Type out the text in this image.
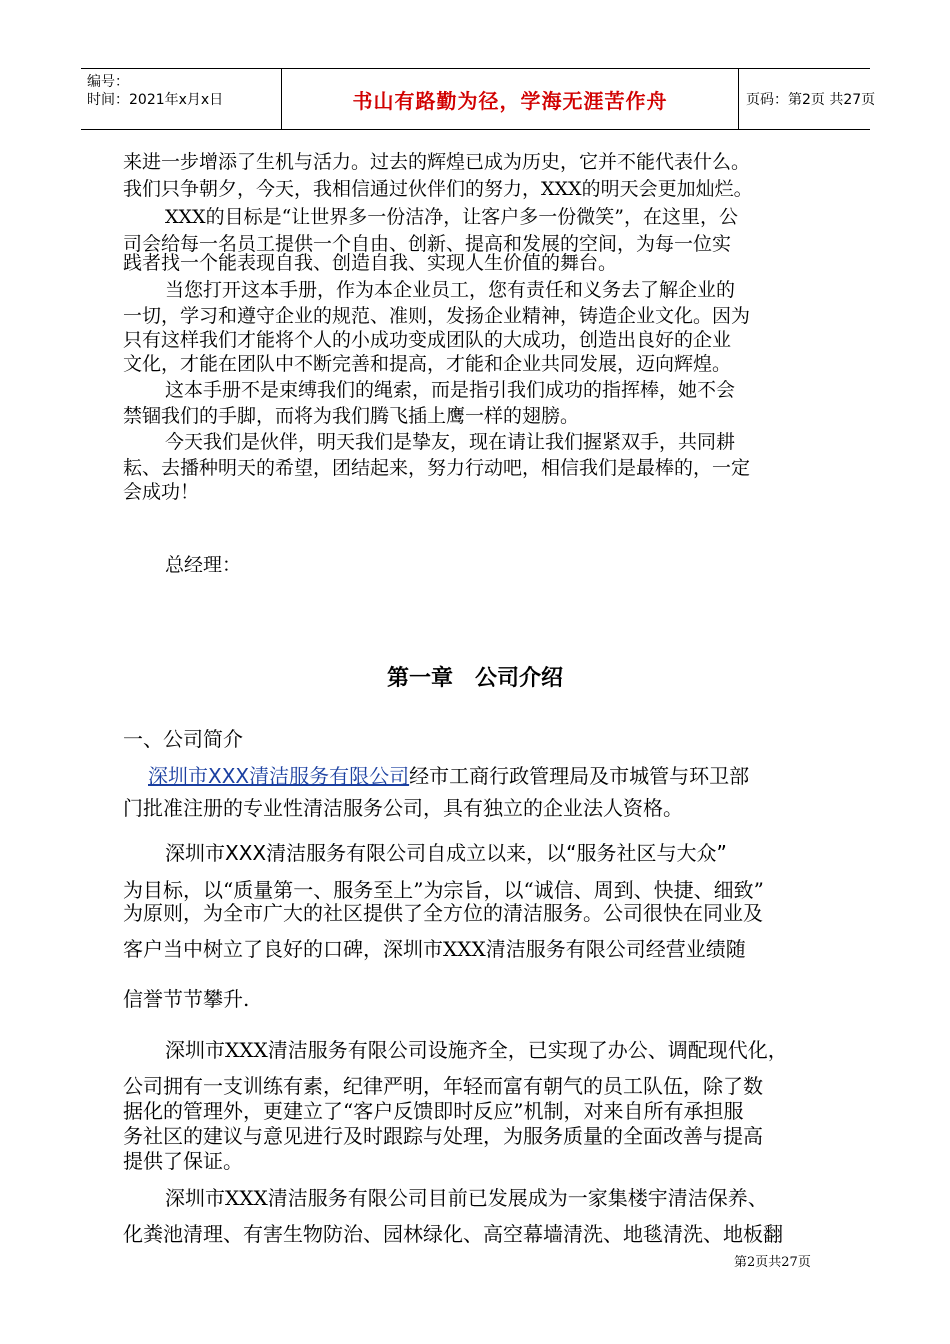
编号：
时间：2021年x月x日	书山有路勤为径，学海无涯苦作舟	页码：第2页 共27页
来进一步增添了生机与活力。过去的辉煌已成为历史，它并不能代表什么。
我们只争朝夕，今天，我相信通过伙伴们的努力，XXX的明天会更加灿烂。
XXX的目标是“让世界多一份洁净，让客户多一份微笑”，在这里，公
司会给每一名员工提供一个自由、创新、提高和发展的空间，为每一位实
践者找一个能表现自我、创造自我、实现人生价值的舞台。
当您打开这本手册，作为本企业员工，您有责任和义务去了解企业的
一切，学习和遵守企业的规范、准则，发扬企业精神，铸造企业文化。因为
只有这样我们才能将个人的小成功变成团队的大成功，创造出良好的企业
文化，才能在团队中不断完善和提高，才能和企业共同发展，迈向辉煌。
这本手册不是束缚我们的绳索，而是指引我们成功的指挥棒，她不会
禁锢我们的手脚，而将为我们腾飞插上鹰一样的翅膀。
今天我们是伙伴，明天我们是挚友，现在请让我们握紧双手，共同耕
耘、去播种明天的希望，团结起来，努力行动吧，相信我们是最棒的，一定
会成功！
总经理：
第一章　公司介绍
一、公司简介
深圳市XXX清洁服务有限公司经市工商行政管理局及市城管与环卫部
门批准注册的专业性清洁服务公司，具有独立的企业法人资格。
深圳市XXX清洁服务有限公司自成立以来，以“服务社区与大众”
为目标，以“质量第一、服务至上”为宗旨，以“诚信、周到、快捷、细致”
为原则，为全市广大的社区提供了全方位的清洁服务。公司很快在同业及
客户当中树立了良好的口碑，深圳市XXX清洁服务有限公司经营业绩随
信誉节节攀升.
深圳市XXX清洁服务有限公司设施齐全，已实现了办公、调配现代化，
公司拥有一支训练有素，纪律严明，年轻而富有朝气的员工队伍，除了数
据化的管理外，更建立了“客户反馈即时反应”机制，对来自所有承担服
务社区的建议与意见进行及时跟踪与处理，为服务质量的全面改善与提高
提供了保证。
深圳市XXX清洁服务有限公司目前已发展成为一家集楼宇清洁保养、
化粪池清理、有害生物防治、园林绿化、高空幕墙清洗、地毯清洗、地板翻
第2页共27页
